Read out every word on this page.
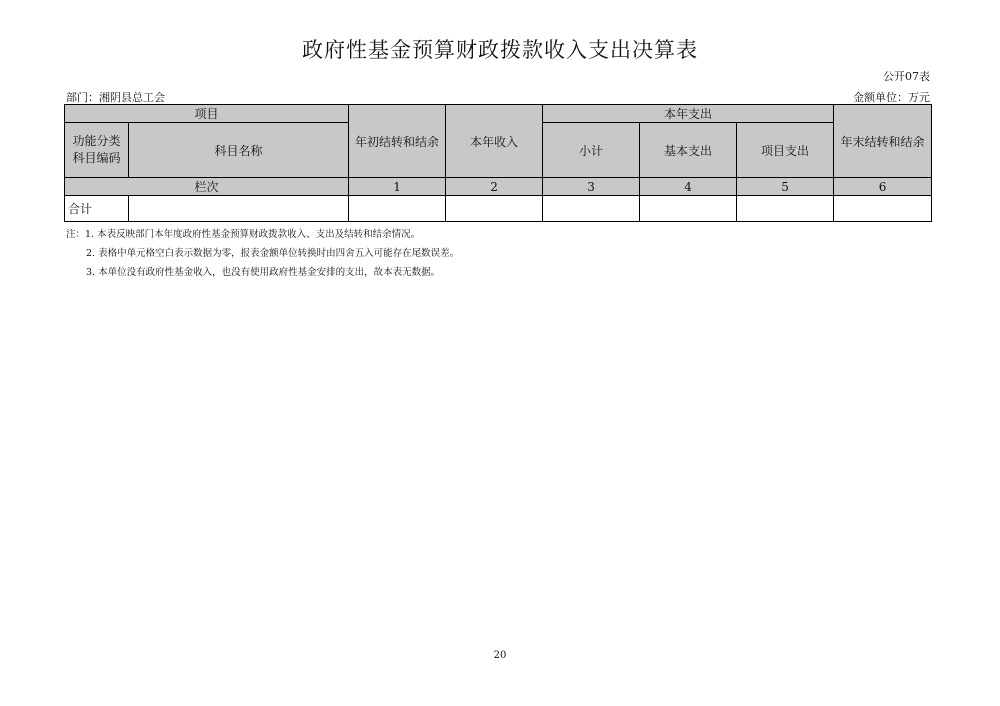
政府性基金预算财政拨款收入支出决算表
公开07表
部门：湘阴县总工会	金额单位：万元
项目		年初结转和结余	本年收入	本年支出			年末结转和结余
功能分类科目编码	科目名称			小计	基本支出	项目支出	
栏次		1	2	3	4	5	6
合计							
注：1. 本表反映部门本年度政府性基金预算财政拨款收入、支出及结转和结余情况。
2. 表格中单元格空白表示数据为零，报表金额单位转换时由四舍五入可能存在尾数误差。
3. 本单位没有政府性基金收入，也没有使用政府性基金安排的支出，故本表无数据。
20
